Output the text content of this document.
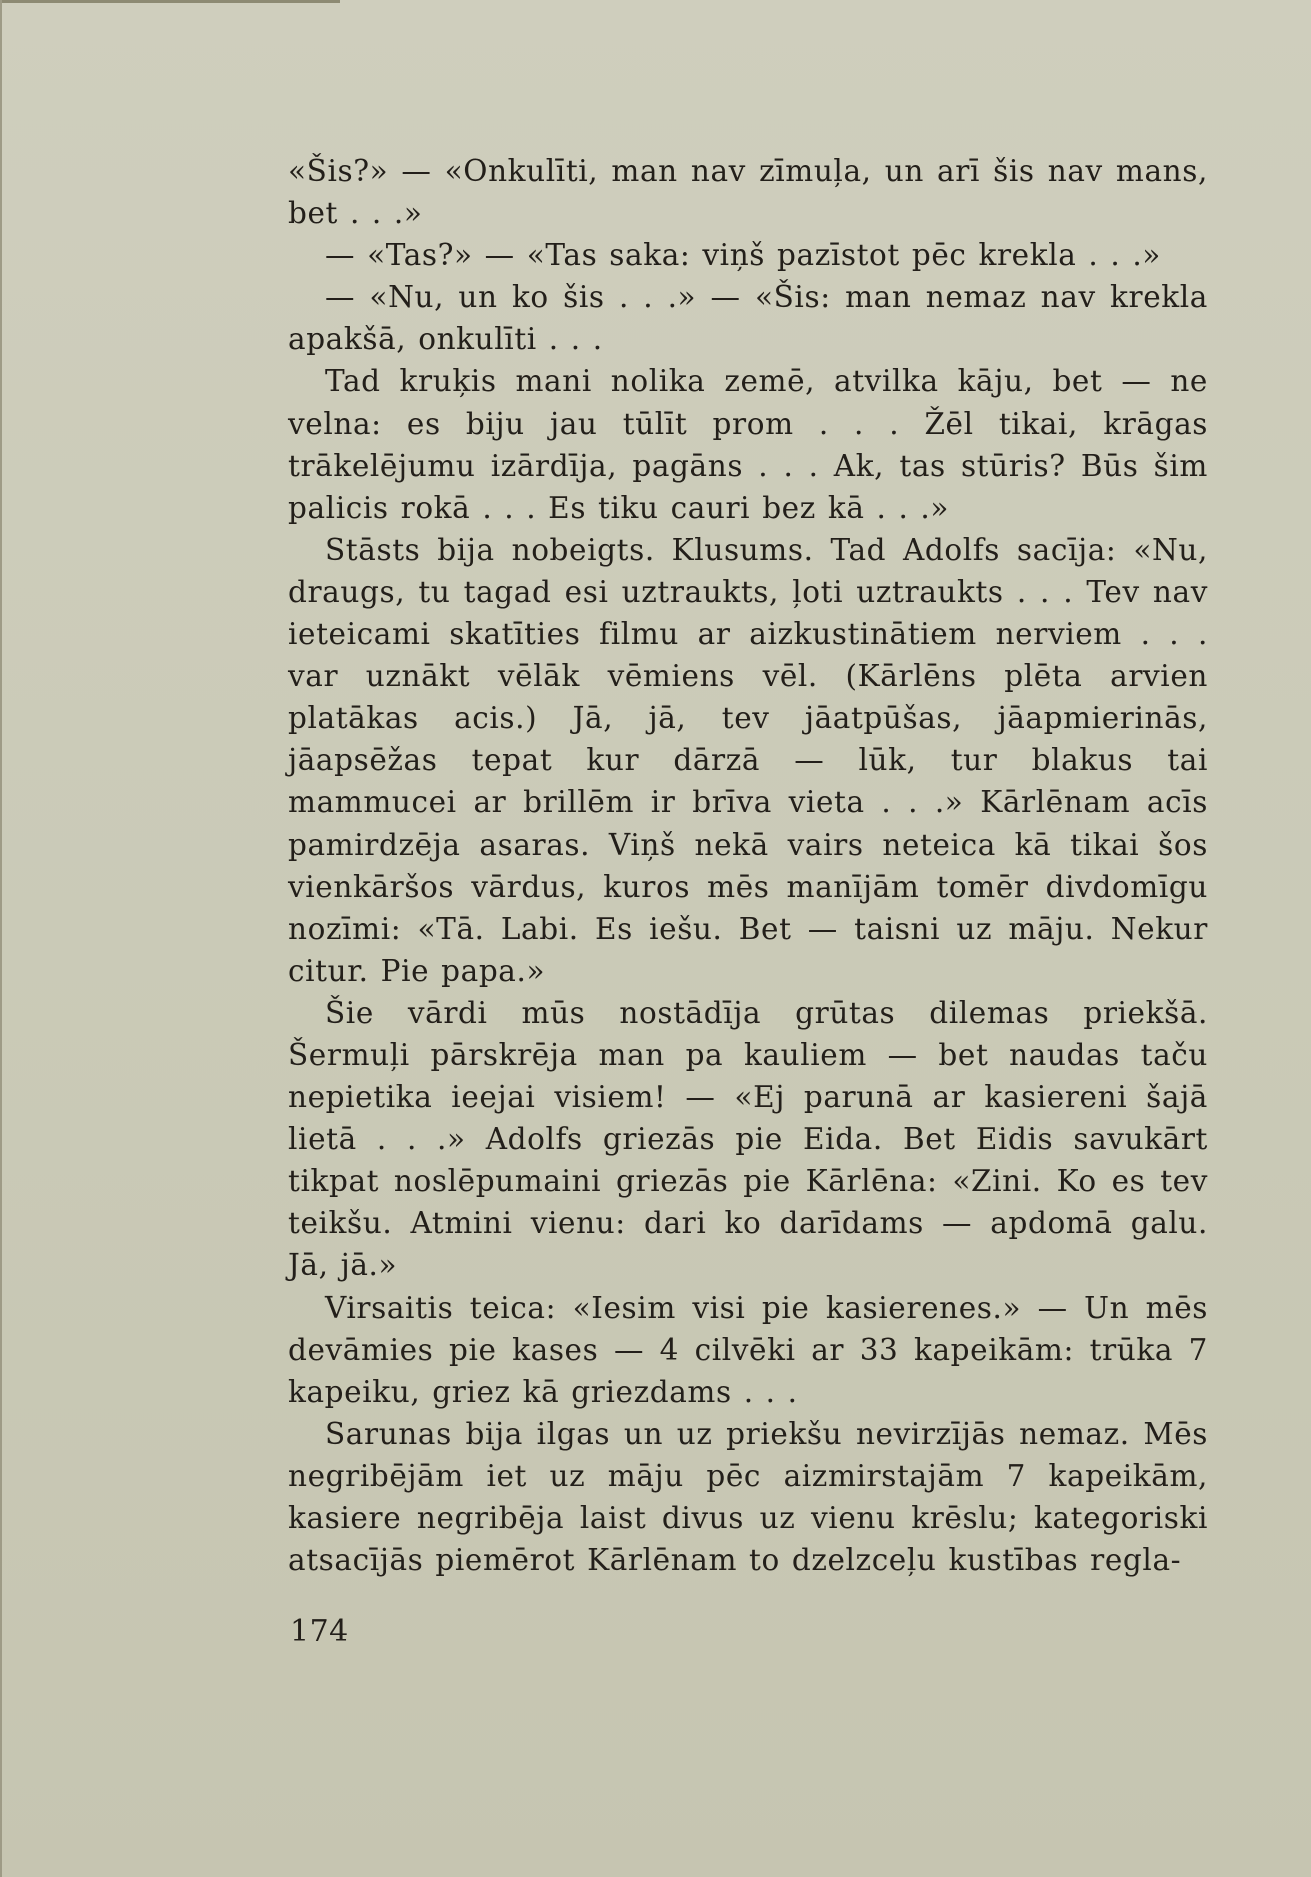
«Šis?» — «Onkulīti, man nav zīmuļa, un arī šis nav mans, bet . . .»

— «Tas?» — «Tas saka: viņš pazīstot pēc krekla . . .»

— «Nu, un ko šis . . .» — «Šis: man nemaz nav krekla apakšā, onkulīti . . .

Tad kruķis mani nolika zemē, atvilka kāju, bet — ne velna: es biju jau tūlīt prom . . . Žēl tikai, krāgas trākelējumu izārdīja, pagāns . . . Ak, tas stūris? Būs šim palicis rokā . . . Es tiku cauri bez kā . . .»

Stāsts bija nobeigts. Klusums. Tad Adolfs sacīja: «Nu, draugs, tu tagad esi uztraukts, ļoti uztraukts . . . Tev nav ieteicami skatīties filmu ar aizkustinātiem nerviem . . . var uznākt vēlāk vēmiens vēl. (Kārlēns plēta arvien platākas acis.) Jā, jā, tev jāatpūšas, jāapmierinās, jāapsēžas tepat kur dārzā — lūk, tur blakus tai mammucei ar brillēm ir brīva vieta . . .» Kārlēnam acīs pamirdzēja asaras. Viņš nekā vairs neteica kā tikai šos vienkāršos vārdus, kuros mēs manījām tomēr divdomīgu nozīmi: «Tā. Labi. Es iešu. Bet — taisni uz māju. Nekur citur. Pie papa.»

Šie vārdi mūs nostādīja grūtas dilemas priekšā. Šermuļi pārskrēja man pa kauliem — bet naudas taču nepietika ieejai visiem! — «Ej parunā ar kasiereni šajā lietā . . .» Adolfs griezās pie Eida. Bet Eidis savukārt tikpat noslēpumaini griezās pie Kārlēna: «Zini. Ko es tev teikšu. Atmini vienu: dari ko darīdams — apdomā galu. Jā, jā.»

Virsaitis teica: «Iesim visi pie kasierenes.» — Un mēs devāmies pie kases — 4 cilvēki ar 33 kapeikām: trūka 7 kapeiku, griez kā griezdams . . .

Sarunas bija ilgas un uz priekšu nevirzījās nemaz. Mēs negribējām iet uz māju pēc aizmirstajām 7 kapeikām, kasiere negribēja laist divus uz vienu krēslu; kategoriski atsacījās piemērot Kārlēnam to dzelzceļu kustības regla-

174
